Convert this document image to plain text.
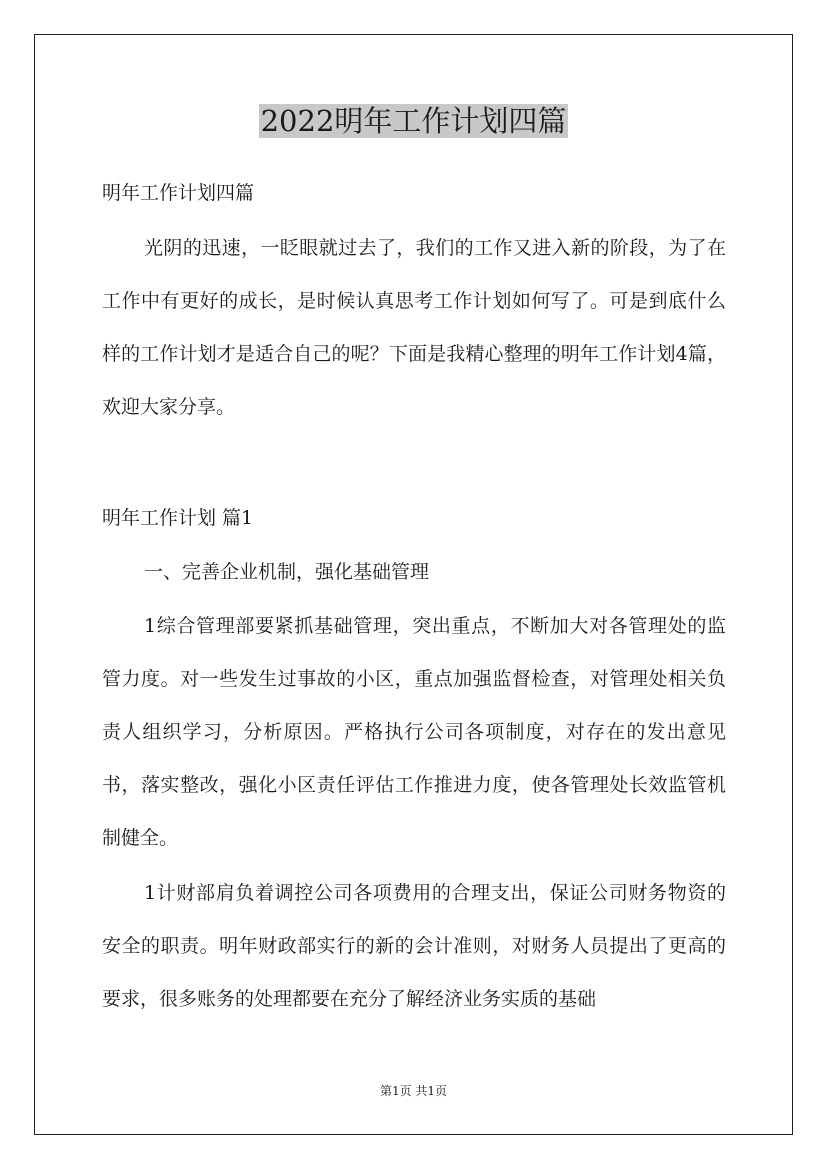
2022明年工作计划四篇

明年工作计划四篇

光阴的迅速，一眨眼就过去了，我们的工作又进入新的阶段，为了在工作中有更好的成长，是时候认真思考工作计划如何写了。可是到底什么样的工作计划才是适合自己的呢？下面是我精心整理的明年工作计划4篇，欢迎大家分享。

明年工作计划 篇1

一、完善企业机制，强化基础管理

1综合管理部要紧抓基础管理，突出重点，不断加大对各管理处的监管力度。对一些发生过事故的小区，重点加强监督检查，对管理处相关负责人组织学习，分析原因。严格执行公司各项制度，对存在的发出意见书，落实整改，强化小区责任评估工作推进力度，使各管理处长效监管机制健全。

1计财部肩负着调控公司各项费用的合理支出，保证公司财务物资的安全的职责。明年财政部实行的新的会计准则，对财务人员提出了更高的要求，很多账务的处理都要在充分了解经济业务实质的基础

第1页 共1页
